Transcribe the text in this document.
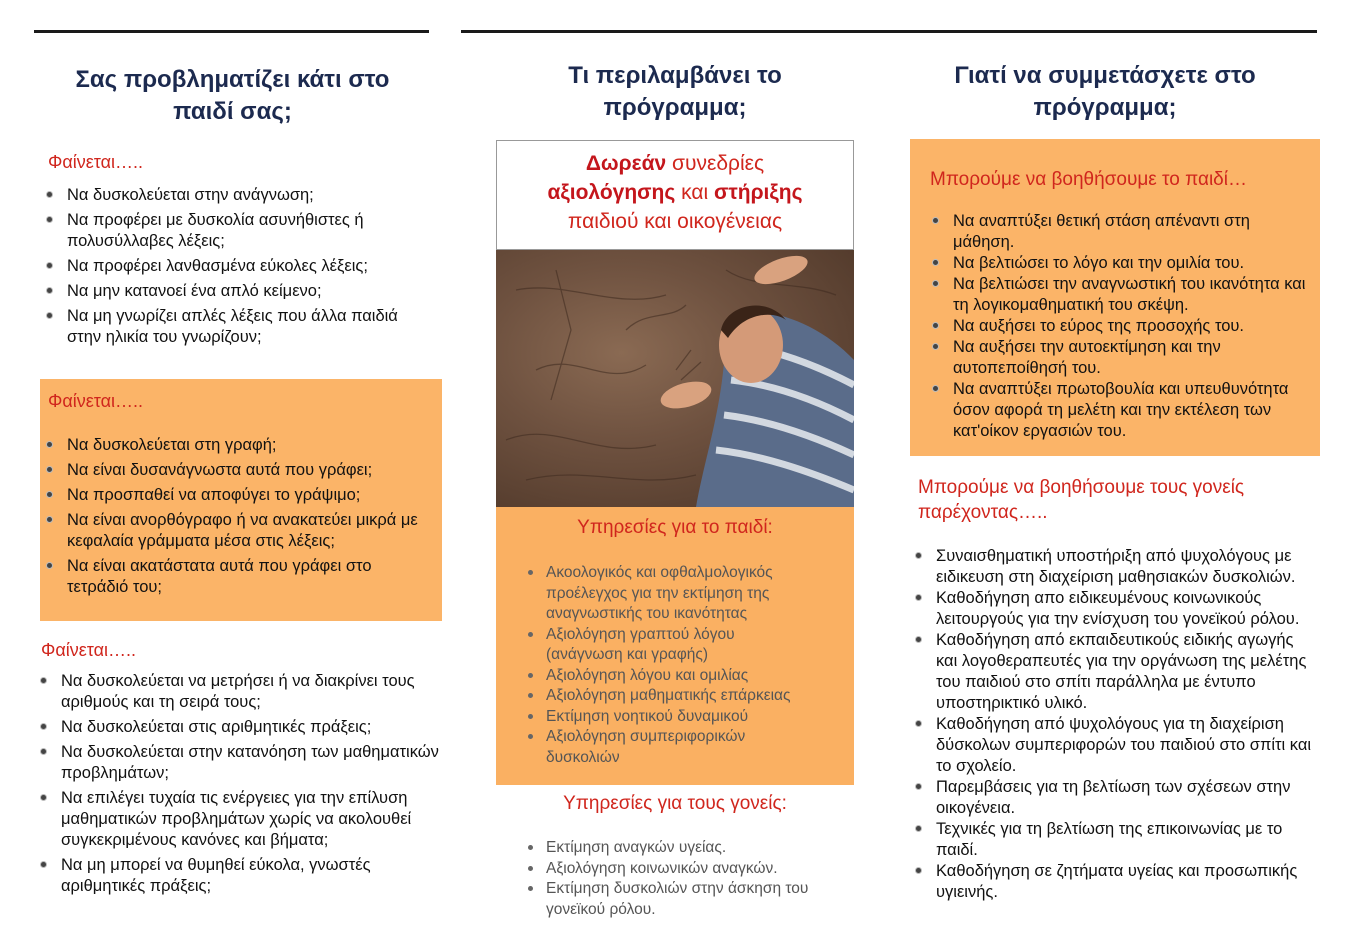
Σας προβληματίζει κάτι στο παιδί σας;

Φαίνεται…..

Να δυσκολεύεται στην ανάγνωση;
Να προφέρει με δυσκολία ασυνήθιστες ή πολυσύλλαβες λέξεις;
Να προφέρει λανθασμένα εύκολες λέξεις;
Να μην κατανοεί ένα απλό κείμενο;
Να μη γνωρίζει απλές λέξεις που άλλα παιδιά στην ηλικία του γνωρίζουν;

Φαίνεται…..

Να δυσκολεύεται στη γραφή;
Να είναι δυσανάγνωστα αυτά που γράφει;
Να προσπαθεί να αποφύγει το γράψιμο;
Να είναι ανορθόγραφο ή να ανακατεύει μικρά με κεφαλαία γράμματα μέσα στις λέξεις;
Να είναι ακατάστατα αυτά που γράφει στο τετράδιό του;

Φαίνεται…..

Να δυσκολεύεται να μετρήσει ή να διακρίνει τους αριθμούς και τη σειρά τους;
Να δυσκολεύεται στις αριθμητικές πράξεις;
Να δυσκολεύεται στην κατανόηση των μαθηματικών προβλημάτων;
Να επιλέγει τυχαία τις ενέργειες για την επίλυση μαθηματικών προβλημάτων χωρίς να ακολουθεί συγκεκριμένους κανόνες και βήματα;
Να μη μπορεί να θυμηθεί εύκολα, γνωστές αριθμητικές πράξεις;
Τι περιλαμβάνει το πρόγραμμα;
Δωρεάν συνεδρίες
αξιολόγησης και στήριξης
παιδιού και οικογένειας

Υπηρεσίες για το παιδί:

Ακοολογικός και οφθαλμολογικός προέλεγχος για την εκτίμηση της αναγνωστικής του ικανότητας
Αξιολόγηση γραπτού λόγου (ανάγνωση και γραφής)
Αξιολόγηση λόγου και ομιλίας
Αξιολόγηση μαθηματικής επάρκειας
Εκτίμηση νοητικού δυναμικού
Αξιολόγηση συμπεριφορικών δυσκολιών

Υπηρεσίες για τους γονείς:

Εκτίμηση αναγκών υγείας.
Αξιολόγηση κοινωνικών αναγκών.
Εκτίμηση δυσκολιών στην άσκηση του γονεϊκού ρόλου.
Γιατί να συμμετάσχετε στο πρόγραμμα;

Μπορούμε να βοηθήσουμε το παιδί…

Να αναπτύξει θετική στάση απέναντι στη μάθηση.
Να βελτιώσει το λόγο και την ομιλία του.
Να βελτιώσει την αναγνωστική του ικανότητα και τη λογικομαθηματική του σκέψη.
Να αυξήσει το εύρος της προσοχής του.
Να αυξήσει την αυτοεκτίμηση και την αυτοπεποίθησή του.
Να αναπτύξει πρωτοβουλία και υπευθυνότητα όσον αφορά τη μελέτη και την εκτέλεση των κατ'οίκον εργασιών του.

Μπορούμε να βοηθήσουμε τους γονείς παρέχοντας…..

Συναισθηματική υποστήριξη από ψυχολόγους με ειδικευση στη διαχείριση μαθησιακών δυσκολιών.
Καθοδήγηση απο ειδικευμένους κοινωνικούς λειτουργούς για την ενίσχυση του γονεϊκού ρόλου.
Καθοδήγηση από εκπαιδευτικούς ειδικής αγωγής και λογοθεραπευτές για την οργάνωση της μελέτης του παιδιού στο σπίτι παράλληλα με έντυπο υποστηρικτικό υλικό.
Καθοδήγηση από ψυχολόγους για τη διαχείριση δύσκολων συμπεριφορών του παιδιού στο σπίτι και το σχολείο.
Παρεμβάσεις για τη βελτίωση των σχέσεων στην οικογένεια.
Τεχνικές για τη βελτίωση της επικοινωνίας με το παιδί.
Καθοδήγηση σε ζητήματα υγείας και προσωπικής υγιεινής.
